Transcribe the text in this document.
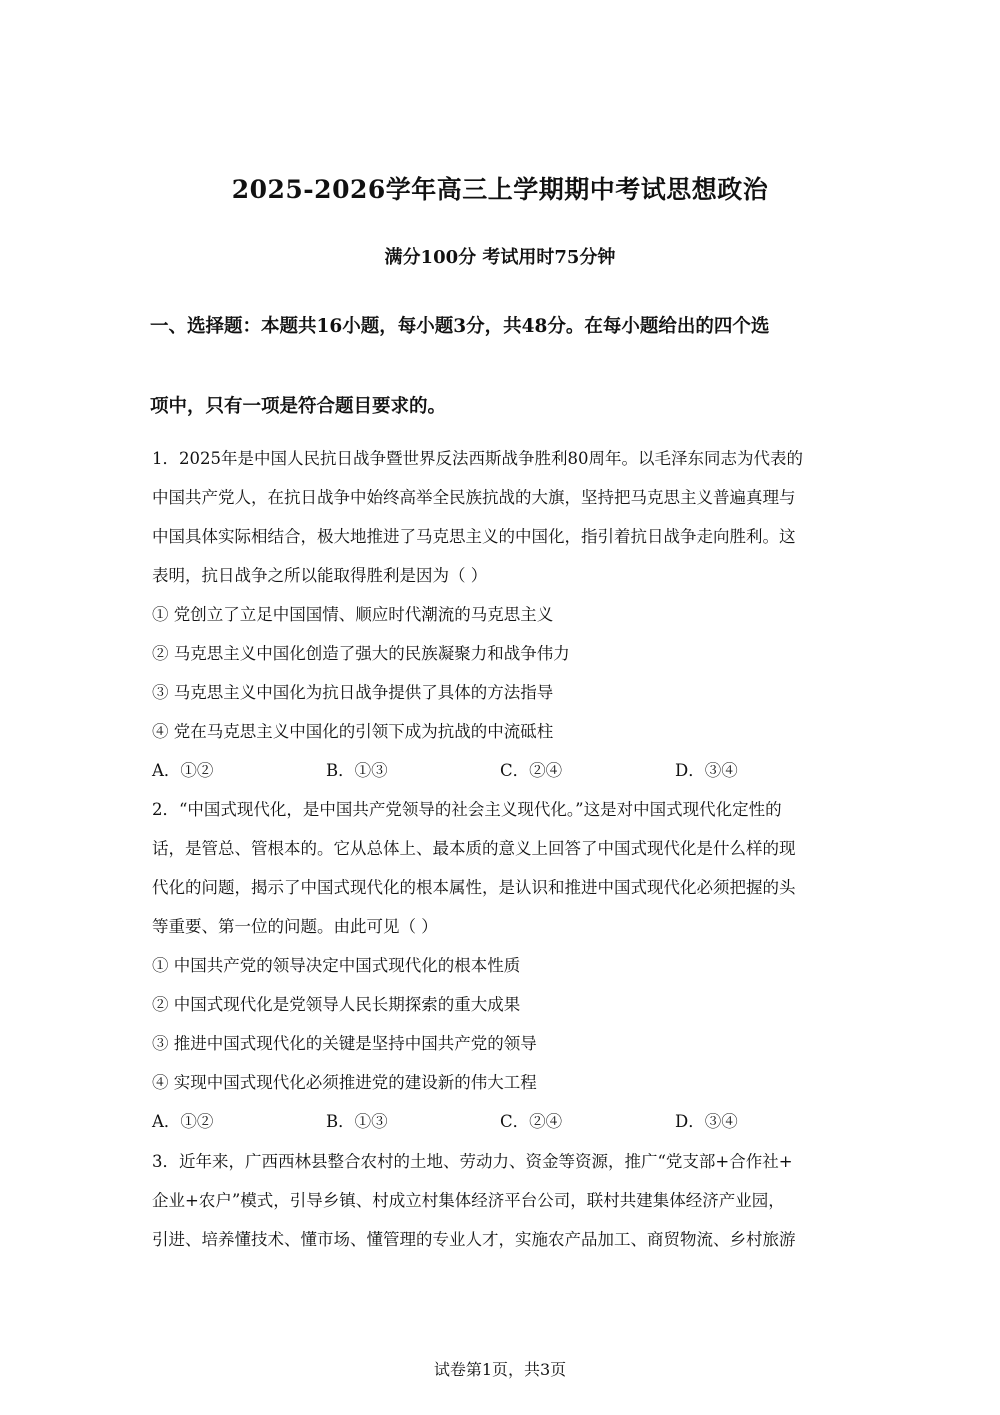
2025-2026学年高三上学期期中考试思想政治
满分100分 考试用时75分钟
一、选择题：本题共16小题，每小题3分，共48分。在每小题给出的四个选
项中，只有一项是符合题目要求的。
1．2025年是中国人民抗日战争暨世界反法西斯战争胜利80周年。以毛泽东同志为代表的
中国共产党人，在抗日战争中始终高举全民族抗战的大旗，坚持把马克思主义普遍真理与
中国具体实际相结合，极大地推进了马克思主义的中国化，指引着抗日战争走向胜利。这
表明，抗日战争之所以能取得胜利是因为（ ）
① 党创立了立足中国国情、顺应时代潮流的马克思主义
② 马克思主义中国化创造了强大的民族凝聚力和战争伟力
③ 马克思主义中国化为抗日战争提供了具体的方法指导
④ 党在马克思主义中国化的引领下成为抗战的中流砥柱
A．①②	B．①③	C．②④	D．③④
2．“中国式现代化，是中国共产党领导的社会主义现代化。”这是对中国式现代化定性的
话，是管总、管根本的。它从总体上、最本质的意义上回答了中国式现代化是什么样的现
代化的问题，揭示了中国式现代化的根本属性，是认识和推进中国式现代化必须把握的头
等重要、第一位的问题。由此可见（ ）
① 中国共产党的领导决定中国式现代化的根本性质
② 中国式现代化是党领导人民长期探索的重大成果
③ 推进中国式现代化的关键是坚持中国共产党的领导
④ 实现中国式现代化必须推进党的建设新的伟大工程
A．①②	B．①③	C．②④	D．③④
3．近年来，广西西林县整合农村的土地、劳动力、资金等资源，推广“党支部+合作社+
企业+农户”模式，引导乡镇、村成立村集体经济平台公司，联村共建集体经济产业园，
引进、培养懂技术、懂市场、懂管理的专业人才，实施农产品加工、商贸物流、乡村旅游
试卷第1页，共3页
